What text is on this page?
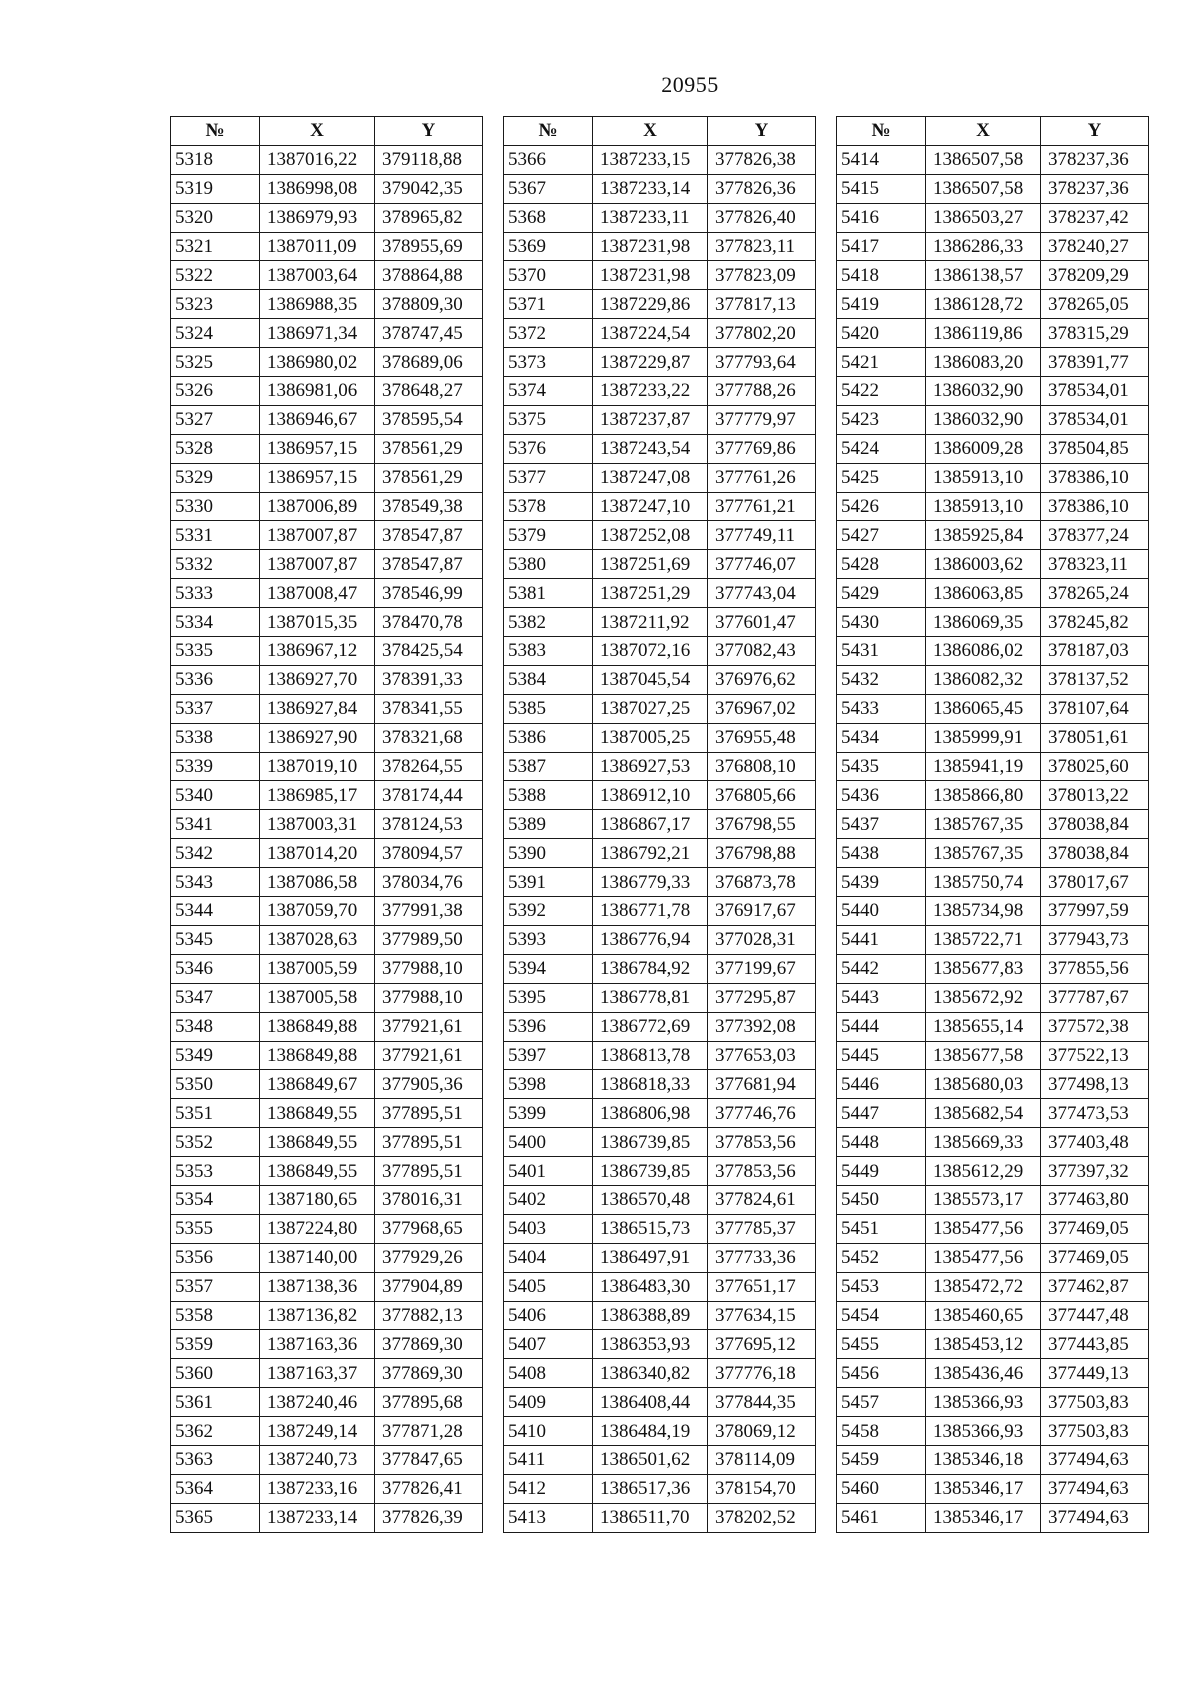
20955
№	X	Y
5318	1387016,22	379118,88
5319	1386998,08	379042,35
5320	1386979,93	378965,82
5321	1387011,09	378955,69
5322	1387003,64	378864,88
5323	1386988,35	378809,30
5324	1386971,34	378747,45
5325	1386980,02	378689,06
5326	1386981,06	378648,27
5327	1386946,67	378595,54
5328	1386957,15	378561,29
5329	1386957,15	378561,29
5330	1387006,89	378549,38
5331	1387007,87	378547,87
5332	1387007,87	378547,87
5333	1387008,47	378546,99
5334	1387015,35	378470,78
5335	1386967,12	378425,54
5336	1386927,70	378391,33
5337	1386927,84	378341,55
5338	1386927,90	378321,68
5339	1387019,10	378264,55
5340	1386985,17	378174,44
5341	1387003,31	378124,53
5342	1387014,20	378094,57
5343	1387086,58	378034,76
5344	1387059,70	377991,38
5345	1387028,63	377989,50
5346	1387005,59	377988,10
5347	1387005,58	377988,10
5348	1386849,88	377921,61
5349	1386849,88	377921,61
5350	1386849,67	377905,36
5351	1386849,55	377895,51
5352	1386849,55	377895,51
5353	1386849,55	377895,51
5354	1387180,65	378016,31
5355	1387224,80	377968,65
5356	1387140,00	377929,26
5357	1387138,36	377904,89
5358	1387136,82	377882,13
5359	1387163,36	377869,30
5360	1387163,37	377869,30
5361	1387240,46	377895,68
5362	1387249,14	377871,28
5363	1387240,73	377847,65
5364	1387233,16	377826,41
5365	1387233,14	377826,39
№	X	Y
5366	1387233,15	377826,38
5367	1387233,14	377826,36
5368	1387233,11	377826,40
5369	1387231,98	377823,11
5370	1387231,98	377823,09
5371	1387229,86	377817,13
5372	1387224,54	377802,20
5373	1387229,87	377793,64
5374	1387233,22	377788,26
5375	1387237,87	377779,97
5376	1387243,54	377769,86
5377	1387247,08	377761,26
5378	1387247,10	377761,21
5379	1387252,08	377749,11
5380	1387251,69	377746,07
5381	1387251,29	377743,04
5382	1387211,92	377601,47
5383	1387072,16	377082,43
5384	1387045,54	376976,62
5385	1387027,25	376967,02
5386	1387005,25	376955,48
5387	1386927,53	376808,10
5388	1386912,10	376805,66
5389	1386867,17	376798,55
5390	1386792,21	376798,88
5391	1386779,33	376873,78
5392	1386771,78	376917,67
5393	1386776,94	377028,31
5394	1386784,92	377199,67
5395	1386778,81	377295,87
5396	1386772,69	377392,08
5397	1386813,78	377653,03
5398	1386818,33	377681,94
5399	1386806,98	377746,76
5400	1386739,85	377853,56
5401	1386739,85	377853,56
5402	1386570,48	377824,61
5403	1386515,73	377785,37
5404	1386497,91	377733,36
5405	1386483,30	377651,17
5406	1386388,89	377634,15
5407	1386353,93	377695,12
5408	1386340,82	377776,18
5409	1386408,44	377844,35
5410	1386484,19	378069,12
5411	1386501,62	378114,09
5412	1386517,36	378154,70
5413	1386511,70	378202,52
№	X	Y
5414	1386507,58	378237,36
5415	1386507,58	378237,36
5416	1386503,27	378237,42
5417	1386286,33	378240,27
5418	1386138,57	378209,29
5419	1386128,72	378265,05
5420	1386119,86	378315,29
5421	1386083,20	378391,77
5422	1386032,90	378534,01
5423	1386032,90	378534,01
5424	1386009,28	378504,85
5425	1385913,10	378386,10
5426	1385913,10	378386,10
5427	1385925,84	378377,24
5428	1386003,62	378323,11
5429	1386063,85	378265,24
5430	1386069,35	378245,82
5431	1386086,02	378187,03
5432	1386082,32	378137,52
5433	1386065,45	378107,64
5434	1385999,91	378051,61
5435	1385941,19	378025,60
5436	1385866,80	378013,22
5437	1385767,35	378038,84
5438	1385767,35	378038,84
5439	1385750,74	378017,67
5440	1385734,98	377997,59
5441	1385722,71	377943,73
5442	1385677,83	377855,56
5443	1385672,92	377787,67
5444	1385655,14	377572,38
5445	1385677,58	377522,13
5446	1385680,03	377498,13
5447	1385682,54	377473,53
5448	1385669,33	377403,48
5449	1385612,29	377397,32
5450	1385573,17	377463,80
5451	1385477,56	377469,05
5452	1385477,56	377469,05
5453	1385472,72	377462,87
5454	1385460,65	377447,48
5455	1385453,12	377443,85
5456	1385436,46	377449,13
5457	1385366,93	377503,83
5458	1385366,93	377503,83
5459	1385346,18	377494,63
5460	1385346,17	377494,63
5461	1385346,17	377494,63
